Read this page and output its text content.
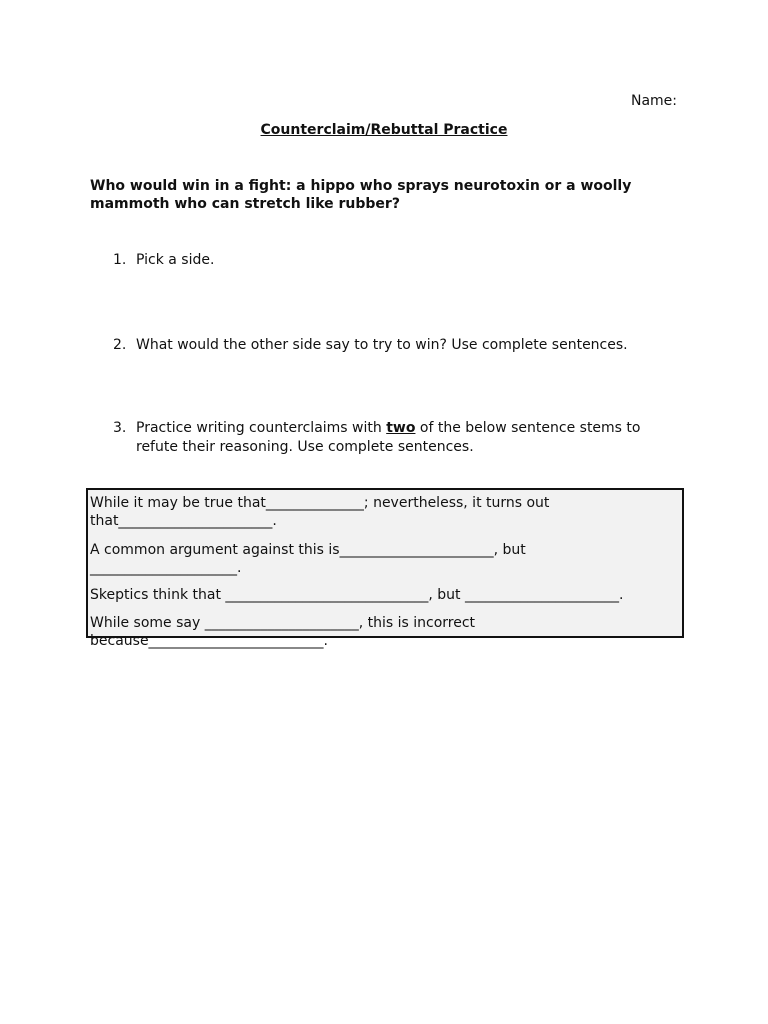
Name:
Counterclaim/Rebuttal Practice
Who would win in a fight: a hippo who sprays neurotoxin or a woolly mammoth who can stretch like rubber?
1. Pick a side.
2. What would the other side say to try to win? Use complete sentences.
3. Practice writing counterclaims with two of the below sentence stems to refute their reasoning. Use complete sentences.
While it may be true that______________; nevertheless, it turns out that______________________.
A common argument against this is______________________, but _____________________.
Skeptics think that _____________________________, but ______________________.
While some say ______________________, this is incorrect because_________________________.
